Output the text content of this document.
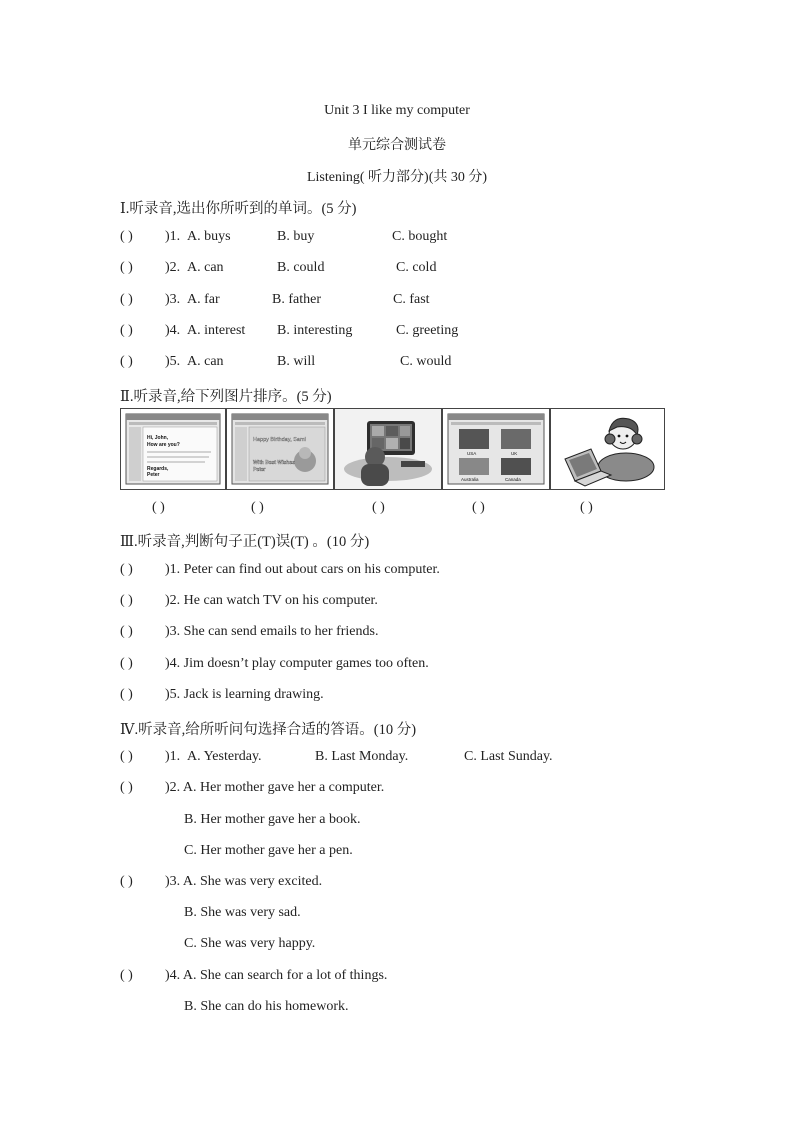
Unit 3 I like my computer
单元综合测试卷
Listening( 听力部分)(共 30 分)
Ⅰ.听录音,选出你所听到的单词。(5 分)
( ) )1. A. buys	B. buy	C. bought
( ) )2. A. can	B. could	C. cold
( ) )3. A. far	B. father	C. fast
( ) )4. A. interest B. interesting	C. greeting
( ) )5. A. can	B. will	C. would
Ⅱ.听录音,给下列图片排序。(5 分)
Hi, John,
How are you?
Regards,
Peter
Happy Birthday, Sam!
With Best Wishes
Peter
USA	UK
Australia	Canada
( )	( )	( )	( )	( )
Ⅲ.听录音,判断句子正(T)误(T) 。(10 分)
( ) )1. Peter can find out about cars on his computer.
( ) )2. He can watch TV on his computer.
( ) )3. She can send emails to her friends.
( ) )4. Jim doesn’t play computer games too often.
( ) )5. Jack is learning drawing.
Ⅳ.听录音,给所听问句选择合适的答语。(10 分)
( ) )1. A. Yesterday.	B. Last Monday.	C. Last Sunday.
( ) )2. A. Her mother gave her a computer.
B. Her mother gave her a book.
C. Her mother gave her a pen.
( ) )3. A. She was very excited.
B. She was very sad.
C. She was very happy.
( ) )4. A. She can search for a lot of things.
B. She can do his homework.
